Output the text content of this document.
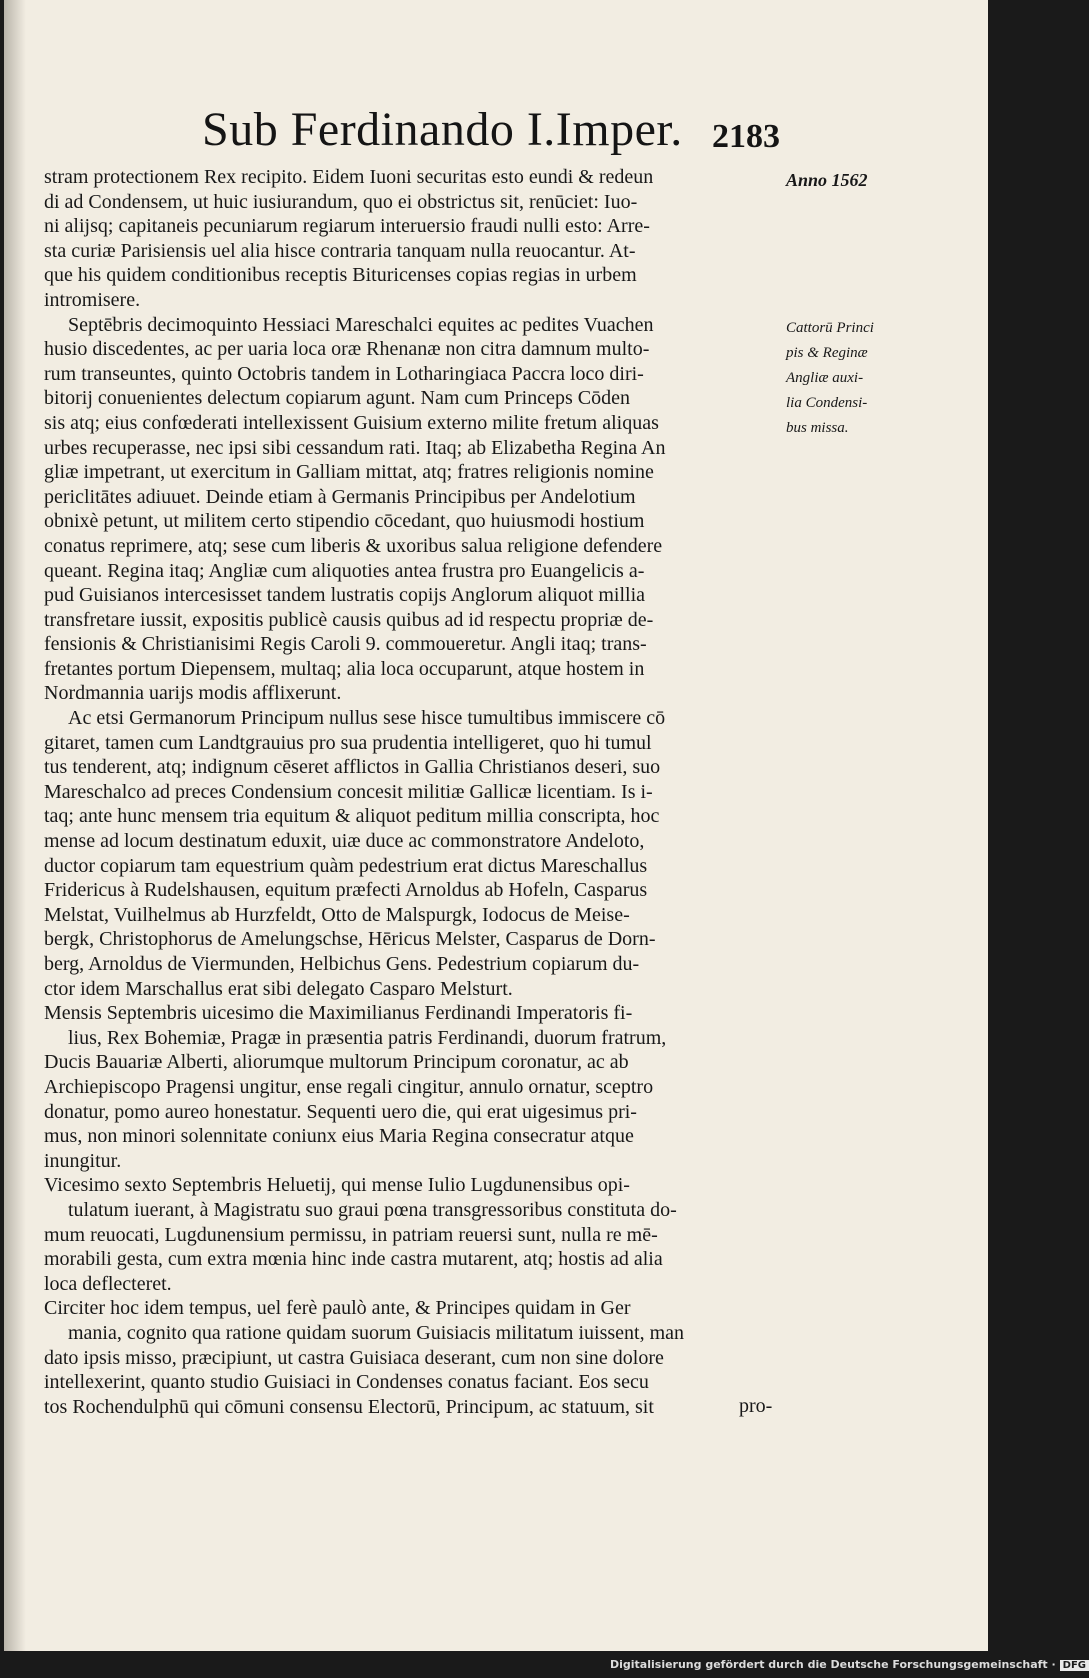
Sub Ferdinando I.Imper. 2183
stram protectionem Rex recipito. Eidem Iuoni securitas esto eundi & redeun
di ad Condensem, ut huic iusiurandum, quo ei obstrictus sit, renūciet: Iuo-
ni alijsq; capitaneis pecuniarum regiarum interuersio fraudi nulli esto: Arre-
sta curiæ Parisiensis uel alia hisce contraria tanquam nulla reuocantur. At-
que his quidem conditionibus receptis Bituricenses copias regias in urbem
intromisere.
Septēbris decimoquinto Hessiaci Mareschalci equites ac pedites Vuachen
husio discedentes, ac per uaria loca oræ Rhenanæ non citra damnum multo-
rum transeuntes, quinto Octobris tandem in Lotharingiaca Paccra loco diri-
bitorij conuenientes delectum copiarum agunt. Nam cum Princeps Cōden
sis atq; eius confœderati intellexissent Guisium externo milite fretum aliquas
urbes recuperasse, nec ipsi sibi cessandum rati. Itaq; ab Elizabetha Regina An
gliæ impetrant, ut exercitum in Galliam mittat, atq; fratres religionis nomine
periclitātes adiuuet. Deinde etiam à Germanis Principibus per Andelotium
obnixè petunt, ut militem certo stipendio cōcedant, quo huiusmodi hostium
conatus reprimere, atq; sese cum liberis & uxoribus salua religione defendere
queant. Regina itaq; Angliæ cum aliquoties antea frustra pro Euangelicis a-
pud Guisianos intercesisset tandem lustratis copijs Anglorum aliquot millia
transfretare iussit, expositis publicè causis quibus ad id respectu propriæ de-
fensionis & Christianisimi Regis Caroli 9. commoueretur. Angli itaq; trans-
fretantes portum Diepensem, multaq; alia loca occuparunt, atque hostem in
Nordmannia uarijs modis afflixerunt.
Ac etsi Germanorum Principum nullus sese hisce tumultibus immiscere cō
gitaret, tamen cum Landtgrauius pro sua prudentia intelligeret, quo hi tumul
tus tenderent, atq; indignum cēseret afflictos in Gallia Christianos deseri, suo
Mareschalco ad preces Condensium concesit militiæ Gallicæ licentiam. Is i-
taq; ante hunc mensem tria equitum & aliquot peditum millia conscripta, hoc
mense ad locum destinatum eduxit, uiæ duce ac commonstratore Andeloto,
ductor copiarum tam equestrium quàm pedestrium erat dictus Mareschallus
Fridericus à Rudelshausen, equitum præfecti Arnoldus ab Hofeln, Casparus
Melstat, Vuilhelmus ab Hurzfeldt, Otto de Malspurgk, Iodocus de Meise-
bergk, Christophorus de Amelungschse, Hēricus Melster, Casparus de Dorn-
berg, Arnoldus de Viermunden, Helbichus Gens. Pedestrium copiarum du-
ctor idem Marschallus erat sibi delegato Casparo Melsturt.
Mensis Septembris uicesimo die Maximilianus Ferdinandi Imperatoris fi-
lius, Rex Bohemiæ, Pragæ in præsentia patris Ferdinandi, duorum fratrum,
Ducis Bauariæ Alberti, aliorumque multorum Principum coronatur, ac ab
Archiepiscopo Pragensi ungitur, ense regali cingitur, annulo ornatur, sceptro
donatur, pomo aureo honestatur. Sequenti uero die, qui erat uigesimus pri-
mus, non minori solennitate coniunx eius Maria Regina consecratur atque
inungitur.
Vicesimo sexto Septembris Heluetij, qui mense Iulio Lugdunensibus opi-
tulatum iuerant, à Magistratu suo graui pœna transgressoribus constituta do-
mum reuocati, Lugdunensium permissu, in patriam reuersi sunt, nulla re mē-
morabili gesta, cum extra mœnia hinc inde castra mutarent, atq; hostis ad alia
loca deflecteret.
Circiter hoc idem tempus, uel ferè paulò ante, & Principes quidam in Ger
mania, cognito qua ratione quidam suorum Guisiacis militatum iuissent, man
dato ipsis misso, præcipiunt, ut castra Guisiaca deserant, cum non sine dolore
intellexerint, quanto studio Guisiaci in Condenses conatus faciant. Eos secu
tos Rochendulphū qui cōmuni consensu Electorū, Principum, ac statuum, sit
Anno 1562
Cattorū Princi
pis & Reginæ
Angliæ auxi-
lia Condensi-
bus missa.
pro-
Digitalisierung gefördert durch die Deutsche Forschungsgemeinschaft · DFG
